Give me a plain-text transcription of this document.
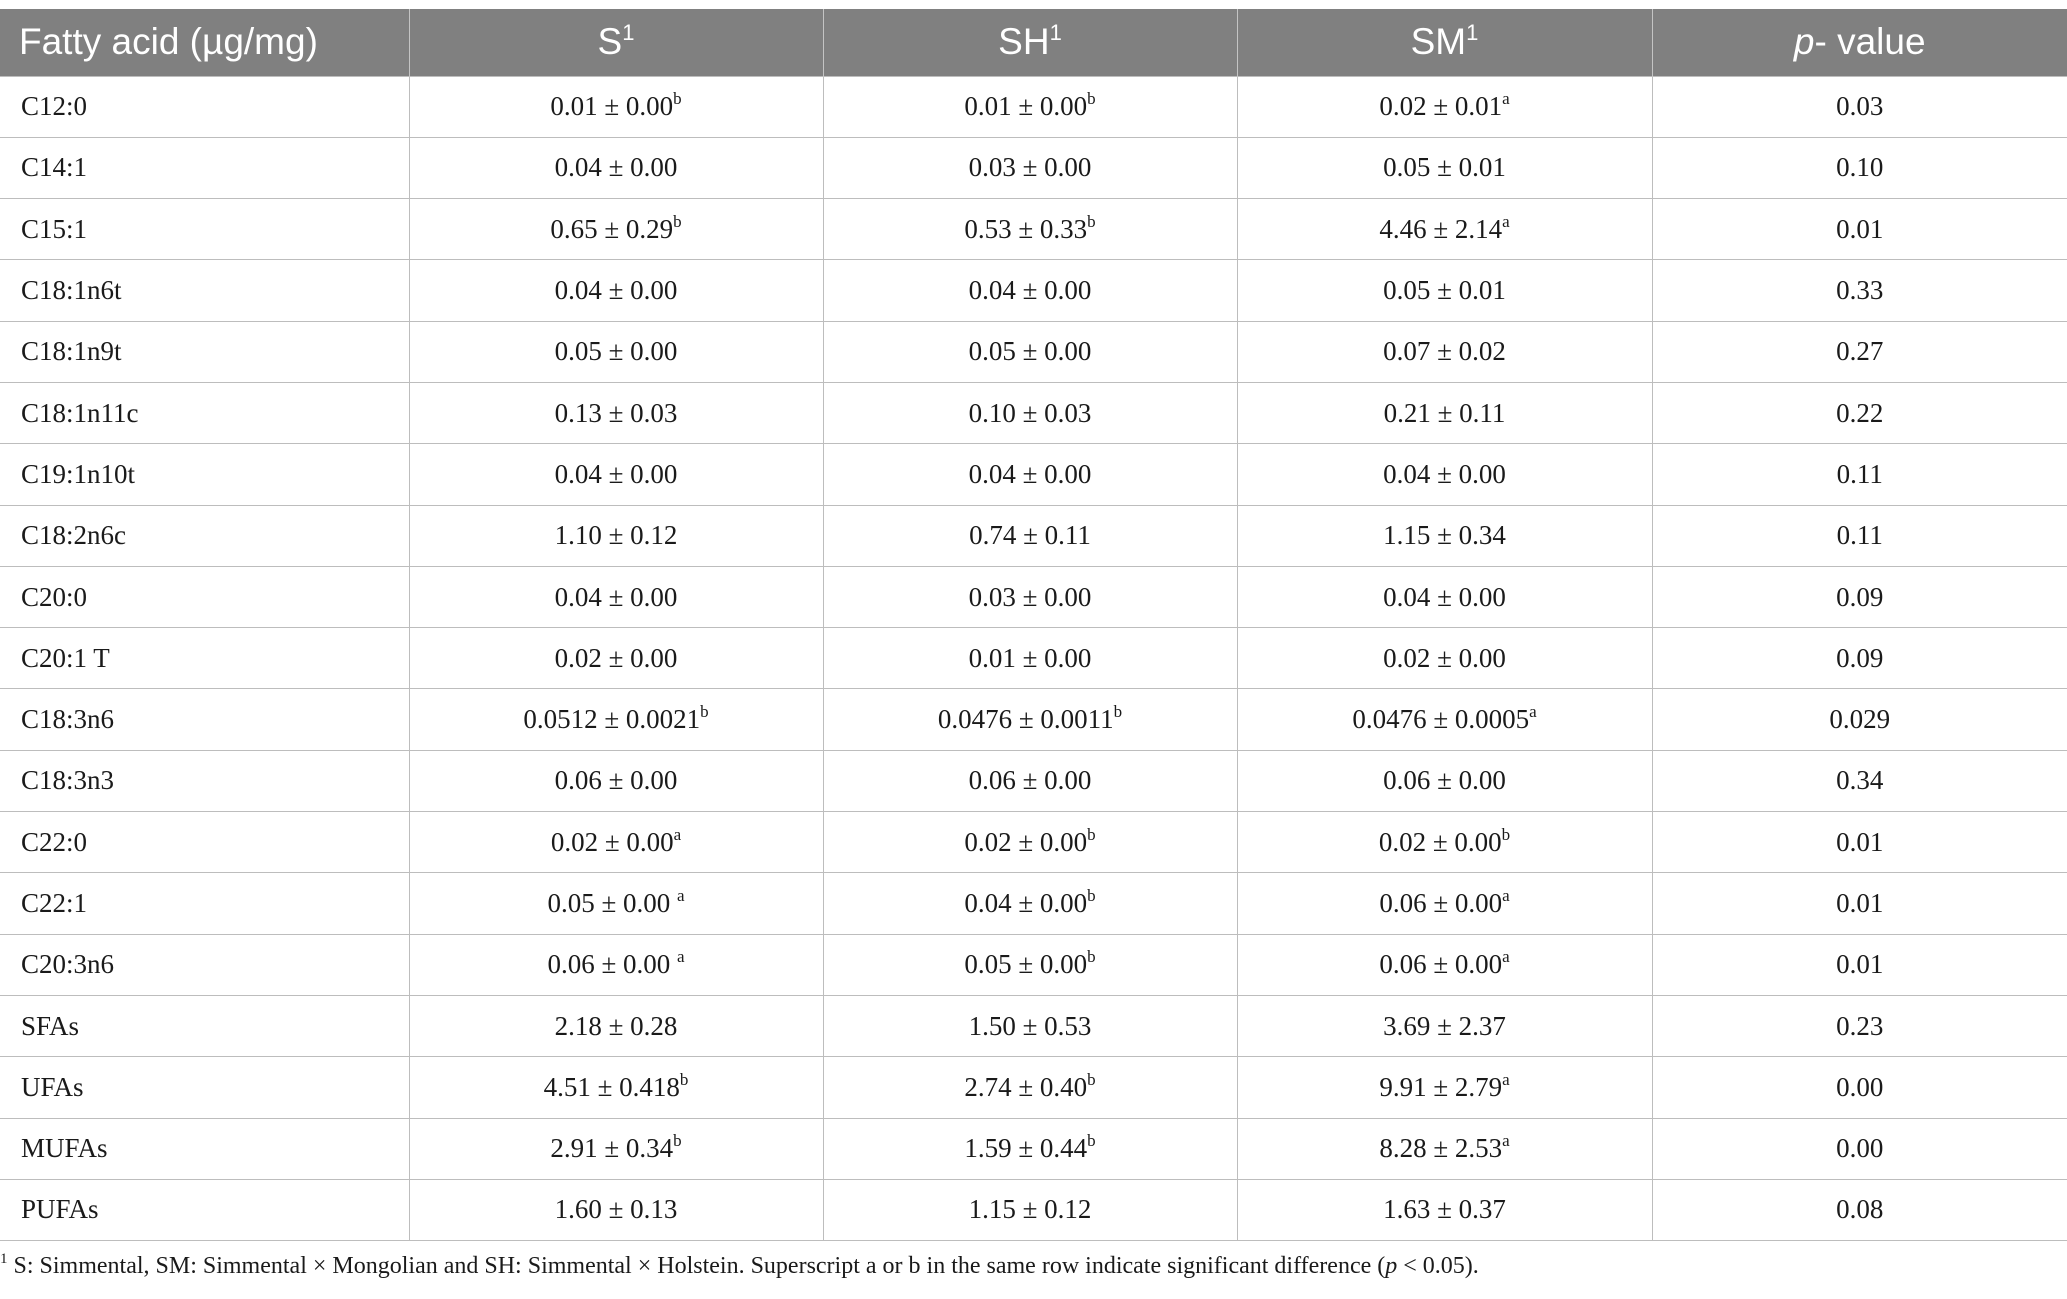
Fatty acid (µg/mg)	$S^1$	$SH^1$	$SM^1$	p- value
C12:0	0.01 ± 0.00$^b$	0.01 ± 0.00$^b$	0.02 ± 0.01$^a$	0.03
C14:1	0.04 ± 0.00	0.03 ± 0.00	0.05 ± 0.01	0.10
C15:1	0.65 ± 0.29$^b$	0.53 ± 0.33$^b$	4.46 ± 2.14$^a$	0.01
C18:1n6t	0.04 ± 0.00	0.04 ± 0.00	0.05 ± 0.01	0.33
C18:1n9t	0.05 ± 0.00	0.05 ± 0.00	0.07 ± 0.02	0.27
C18:1n11c	0.13 ± 0.03	0.10 ± 0.03	0.21 ± 0.11	0.22
C19:1n10t	0.04 ± 0.00	0.04 ± 0.00	0.04 ± 0.00	0.11
C18:2n6c	1.10 ± 0.12	0.74 ± 0.11	1.15 ± 0.34	0.11
C20:0	0.04 ± 0.00	0.03 ± 0.00	0.04 ± 0.00	0.09
C20:1 T	0.02 ± 0.00	0.01 ± 0.00	0.02 ± 0.00	0.09
C18:3n6	0.0512 ± 0.0021$^b$	0.0476 ± 0.0011$^b$	0.0476 ± 0.0005$^a$	0.029
C18:3n3	0.06 ± 0.00	0.06 ± 0.00	0.06 ± 0.00	0.34
C22:0	0.02 ± 0.00$^a$	0.02 ± 0.00$^b$	0.02 ± 0.00$^b$	0.01
C22:1	0.05 ± 0.00 $^a$	0.04 ± 0.00$^b$	0.06 ± 0.00$^a$	0.01
C20:3n6	0.06 ± 0.00 $^a$	0.05 ± 0.00$^b$	0.06 ± 0.00$^a$	0.01
SFAs	2.18 ± 0.28	1.50 ± 0.53	3.69 ± 2.37	0.23
UFAs	4.51 ± 0.418$^b$	2.74 ± 0.40$^b$	9.91 ± 2.79$^a$	0.00
MUFAs	2.91 ± 0.34$^b$	1.59 ± 0.44$^b$	8.28 ± 2.53$^a$	0.00
PUFAs	1.60 ± 0.13	1.15 ± 0.12	1.63 ± 0.37	0.08
$^1$ S: Simmental, SM: Simmental × Mongolian and SH: Simmental × Holstein. Superscript a or b in the same row indicate significant difference (p < 0.05).
